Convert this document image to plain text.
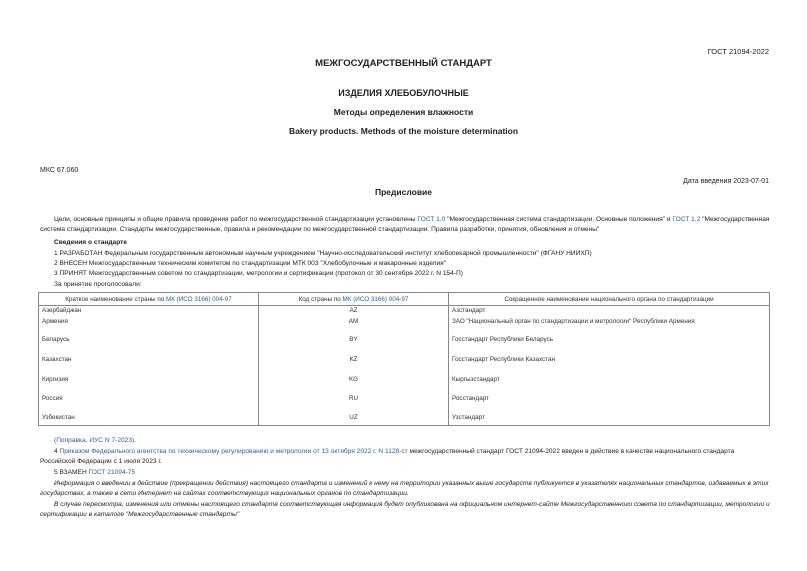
ГОСТ 21094-2022
МЕЖГОСУДАРСТВЕННЫЙ СТАНДАРТ
ИЗДЕЛИЯ ХЛЕБОБУЛОЧНЫЕ
Методы определения влажности
Bakery products. Methods of the moisture determination
МКС 67.060
Дата введения 2023-07-01
Предисловие
Цели, основные принципы и общие правила проведения работ по межгосударственной стандартизации установлены ГОСТ 1.0 "Межгосударственная система стандартизации. Основные положения" и ГОСТ 1.2 "Межгосударственная система стандартизации. Стандарты межгосударственные, правила и рекомендации по межгосударственной стандартизации. Правила разработки, принятия, обновления и отмены"
Сведения о стандарте
1 РАЗРАБОТАН Федеральным государственным автономным научным учреждением "Научно-исследовательский институт хлебопекарной промышленности" (ФГАНУ НИИХП)
2 ВНЕСЕН Межгосударственным техническим комитетом по стандартизации МТК 003 "Хлебобулочные и макаронные изделия"
3 ПРИНЯТ Межгосударственным советом по стандартизации, метрологии и сертификации (протокол от 30 сентября 2022 г. N 154-П)
За принятие проголосовали:
Краткое наименование страны по МК (ИСО 3166) 004-97	Код страны по МК (ИСО 3166) 004-97	Сокращенное наименование национального органа по стандартизации
Азербайджан	AZ	Азстандарт
Армения	AM	ЗАО "Национальный орган по стандартизации и метрологии" Республики Армения
Беларусь	BY	Госстандарт Республики Беларусь
Казахстан	KZ	Госстандарт Республики Казахстан
Киргизия	KG	Кыргызстандарт
Россия	RU	Росстандарт
Узбекистан	UZ	Узстандарт
(Поправка. ИУС N 7-2023).
4 Приказом Федерального агентства по техническому регулированию и метрологии от 13 октября 2022 г. N 1128-ст межгосударственный стандарт ГОСТ 21094-2022 введен в действие в качестве национального стандарта Российской Федерации с 1 июля 2023 г.
5 ВЗАМЕН ГОСТ 21094-75
Информация о введении в действие (прекращении действия) настоящего стандарта и изменений к нему на территории указанных выше государств публикуется в указателях национальных стандартов, издаваемых в этих государствах, а также в сети Интернет на сайтах соответствующих национальных органов по стандартизации.
В случае пересмотра, изменения или отмены настоящего стандарта соответствующая информация будет опубликована на официальном интернет-сайте Межгосударственного совета по стандартизации, метрологии и сертификации в каталоге "Межгосударственные стандарты"
